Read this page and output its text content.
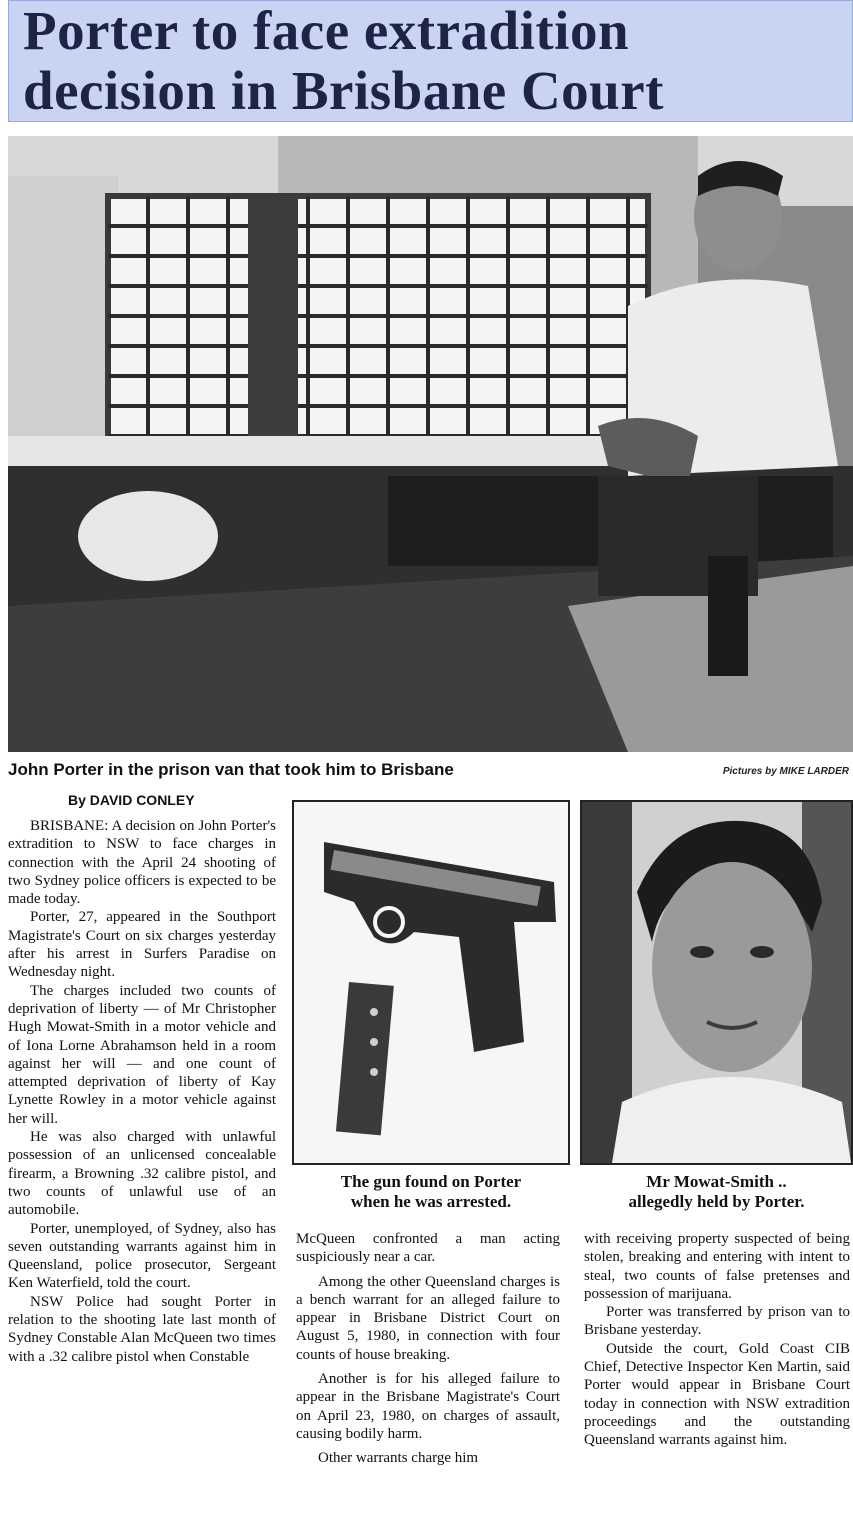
Porter to face extradition
decision in Brisbane Court
John Porter in the prison van that took him to Brisbane	Pictures by MIKE LARDER
By DAVID CONLEY

BRISBANE: A decision on John Porter's extradition to NSW to face charges in connection with the April 24 shooting of two Sydney police officers is expected to be made today.

Porter, 27, appeared in the Southport Magistrate's Court on six charges yesterday after his arrest in Surfers Paradise on Wednesday night.

The charges included two counts of deprivation of liberty — of Mr Christopher Hugh Mowat-Smith in a motor vehicle and of Iona Lorne Abrahamson held in a room against her will — and one count of attempted deprivation of liberty of Kay Lynette Rowley in a motor vehicle against her will.

He was also charged with unlawful possession of an unlicensed concealable firearm, a Browning .32 calibre pistol, and two counts of unlawful use of an automobile.

Porter, unemployed, of Sydney, also has seven outstanding warrants against him in Queensland, police prosecutor, Sergeant Ken Waterfield, told the court.

NSW Police had sought Porter in relation to the shooting late last month of Sydney Constable Alan McQueen two times with a .32 calibre pistol when Constable

The gun found on Porter
when he was arrested.
Mr Mowat-Smith ..
allegedly held by Porter.

McQueen confronted a man acting suspiciously near a car.

Among the other Queensland charges is a bench warrant for an alleged failure to appear in Brisbane District Court on August 5, 1980, in connection with four counts of house breaking.

Another is for his alleged failure to appear in the Brisbane Magistrate's Court on April 23, 1980, on charges of assault, causing bodily harm.

Other warrants charge him

with receiving property suspected of being stolen, breaking and entering with intent to steal, two counts of false pretenses and possession of marijuana.

Porter was transferred by prison van to Brisbane yesterday.

Outside the court, Gold Coast CIB Chief, Detective Inspector Ken Martin, said Porter would appear in Brisbane Court today in connection with NSW extradition proceedings and the outstanding Queensland warrants against him.
